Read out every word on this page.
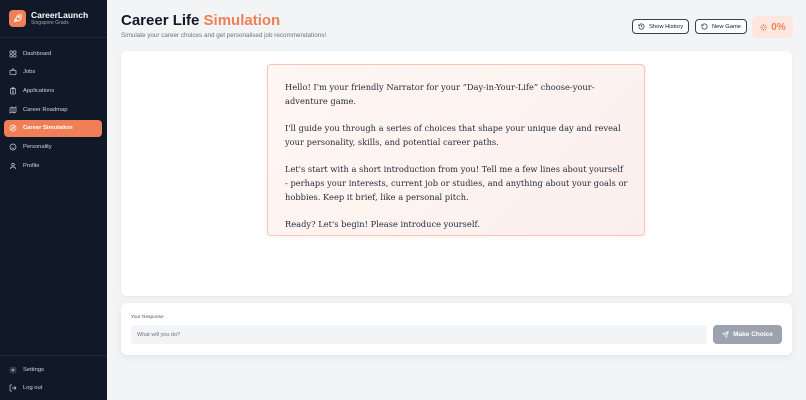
CareerLaunch
Singapore Grads
Dashboard
Jobs
Applications
Career Roadmap
Career Simulation
Personality
Profile
Settings
Log out
Career Life Simulation
Simulate your career choices and get personalised job recommendations!
Show History	New Game	0%

Hello! I'm your friendly Narrator for your “Day-in-Your-Life” choose-your-adventure game.

I'll guide you through a series of choices that shape your unique day and reveal your personality, skills, and potential career paths.

Let's start with a short introduction from you! Tell me a few lines about yourself - perhaps your interests, current job or studies, and anything about your goals or hobbies. Keep it brief, like a personal pitch.

Ready? Let's begin! Please introduce yourself.

Your Response
What will you do?
Make Choice
